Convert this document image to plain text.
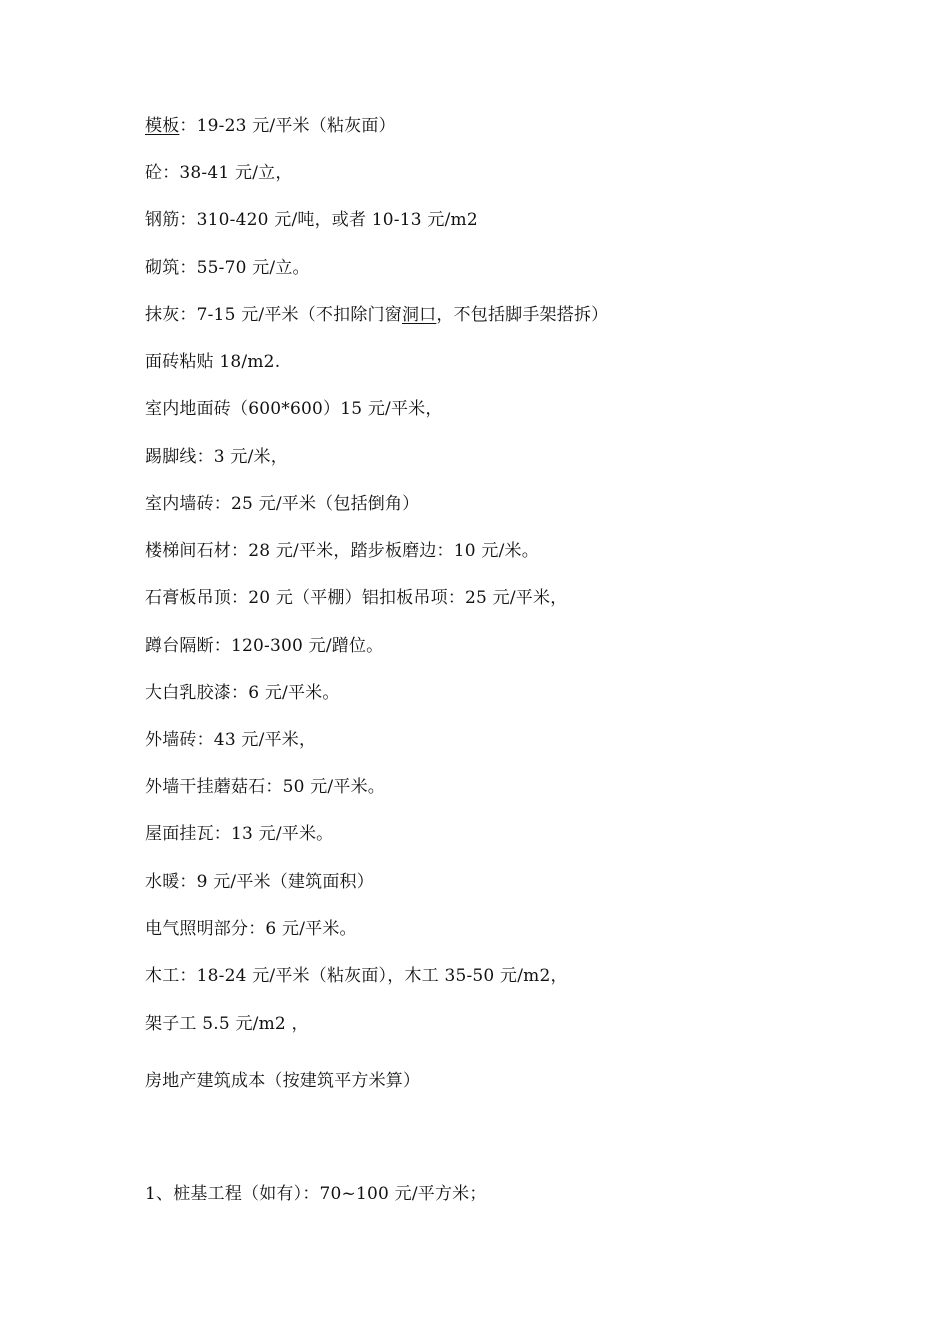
模板：19-23 元/平米（粘灰面）
砼：38-41 元/立，
钢筋：310-420 元/吨，或者 10-13 元/m2
砌筑：55-70 元/立。
抹灰：7-15 元/平米（不扣除门窗洞口，不包括脚手架搭拆）
面砖粘贴 18/m2.
室内地面砖（600*600）15 元/平米，
踢脚线：3 元/米，
室内墙砖：25 元/平米（包括倒角）
楼梯间石材：28 元/平米，踏步板磨边：10 元/米。
石膏板吊顶：20 元（平棚）铝扣板吊项：25 元/平米，
蹲台隔断：120-300 元/蹭位。
大白乳胶漆：6 元/平米。
外墙砖：43 元/平米，
外墙干挂蘑菇石：50 元/平米。
屋面挂瓦：13 元/平米。
水暖：9 元/平米（建筑面积）
电气照明部分：6 元/平米。
木工：18-24 元/平米（粘灰面），木工 35-50 元/m2，
架子工 5.5 元/m2 ，
房地产建筑成本（按建筑平方米算）
1、桩基工程（如有）：70~100 元/平方米；
